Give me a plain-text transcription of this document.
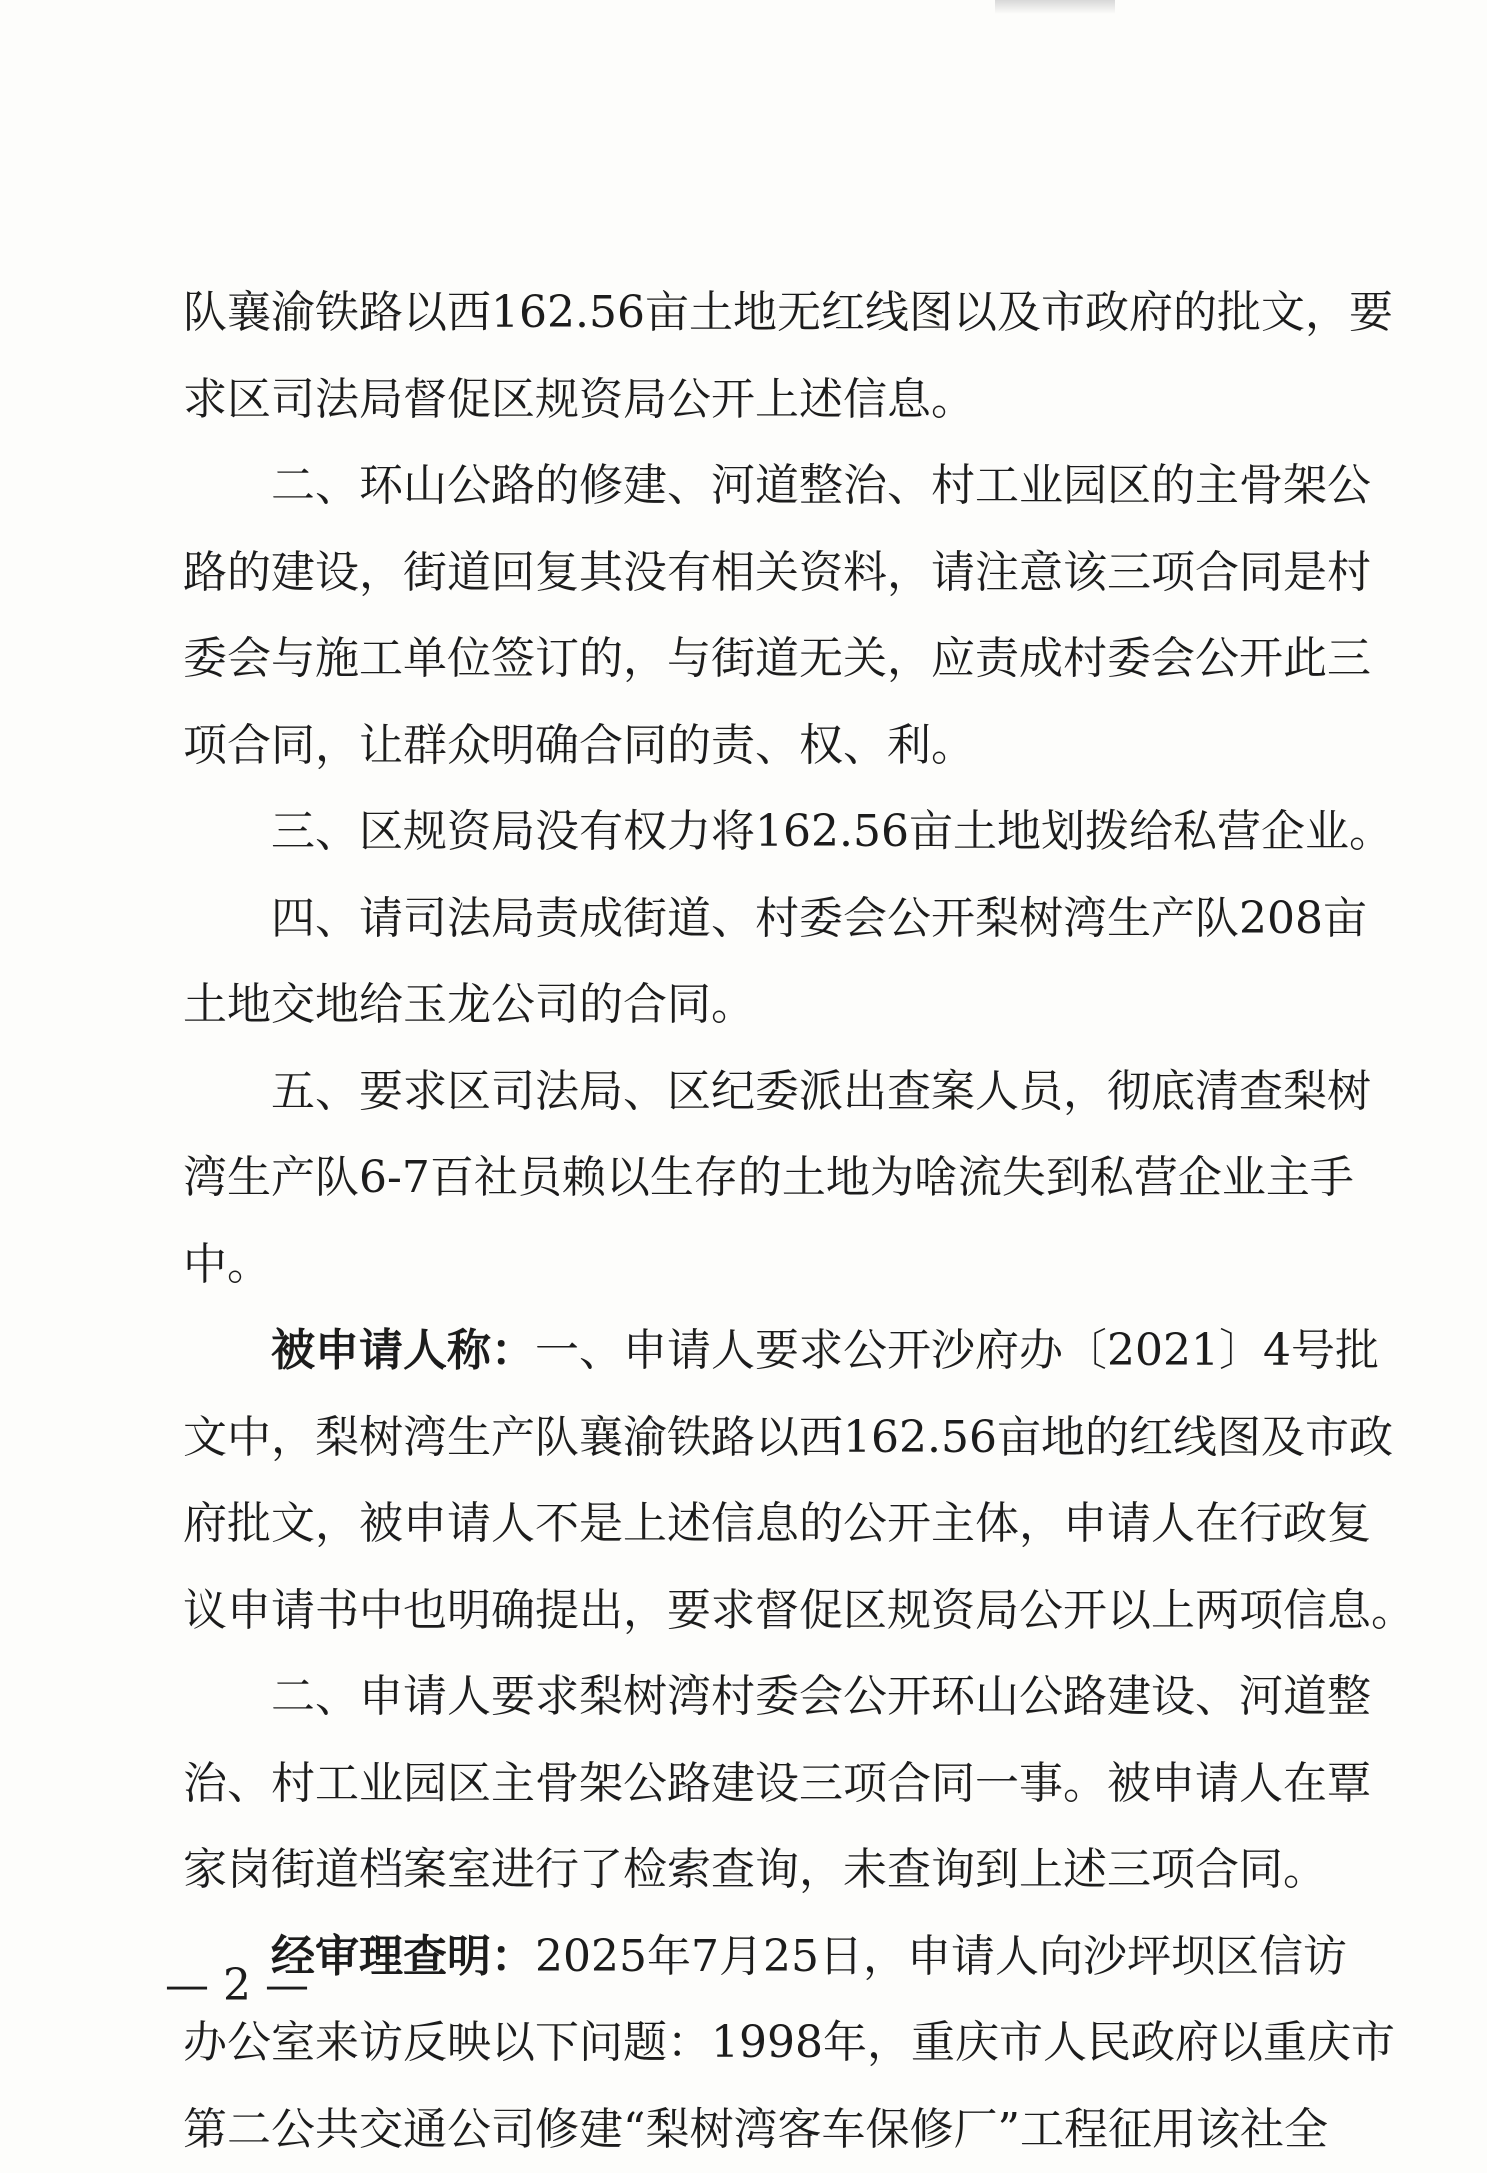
队襄渝铁路以西162.56亩土地无红线图以及市政府的批文，要
求区司法局督促区规资局公开上述信息。
二、环山公路的修建、河道整治、村工业园区的主骨架公
路的建设，街道回复其没有相关资料，请注意该三项合同是村
委会与施工单位签订的，与街道无关，应责成村委会公开此三
项合同，让群众明确合同的责、权、利。
三、区规资局没有权力将162.56亩土地划拨给私营企业。
四、请司法局责成街道、村委会公开梨树湾生产队208亩
土地交地给玉龙公司的合同。
五、要求区司法局、区纪委派出查案人员，彻底清查梨树
湾生产队6-7百社员赖以生存的土地为啥流失到私营企业主手
中。
被申请人称：一、申请人要求公开沙府办〔2021〕4号批
文中，梨树湾生产队襄渝铁路以西162.56亩地的红线图及市政
府批文，被申请人不是上述信息的公开主体，申请人在行政复
议申请书中也明确提出，要求督促区规资局公开以上两项信息。
二、申请人要求梨树湾村委会公开环山公路建设、河道整
治、村工业园区主骨架公路建设三项合同一事。被申请人在覃
家岗街道档案室进行了检索查询，未查询到上述三项合同。
经审理查明：2025年7月25日，申请人向沙坪坝区信访
办公室来访反映以下问题：1998年，重庆市人民政府以重庆市
第二公共交通公司修建“梨树湾客车保修厂”工程征用该社全
— 2 —
